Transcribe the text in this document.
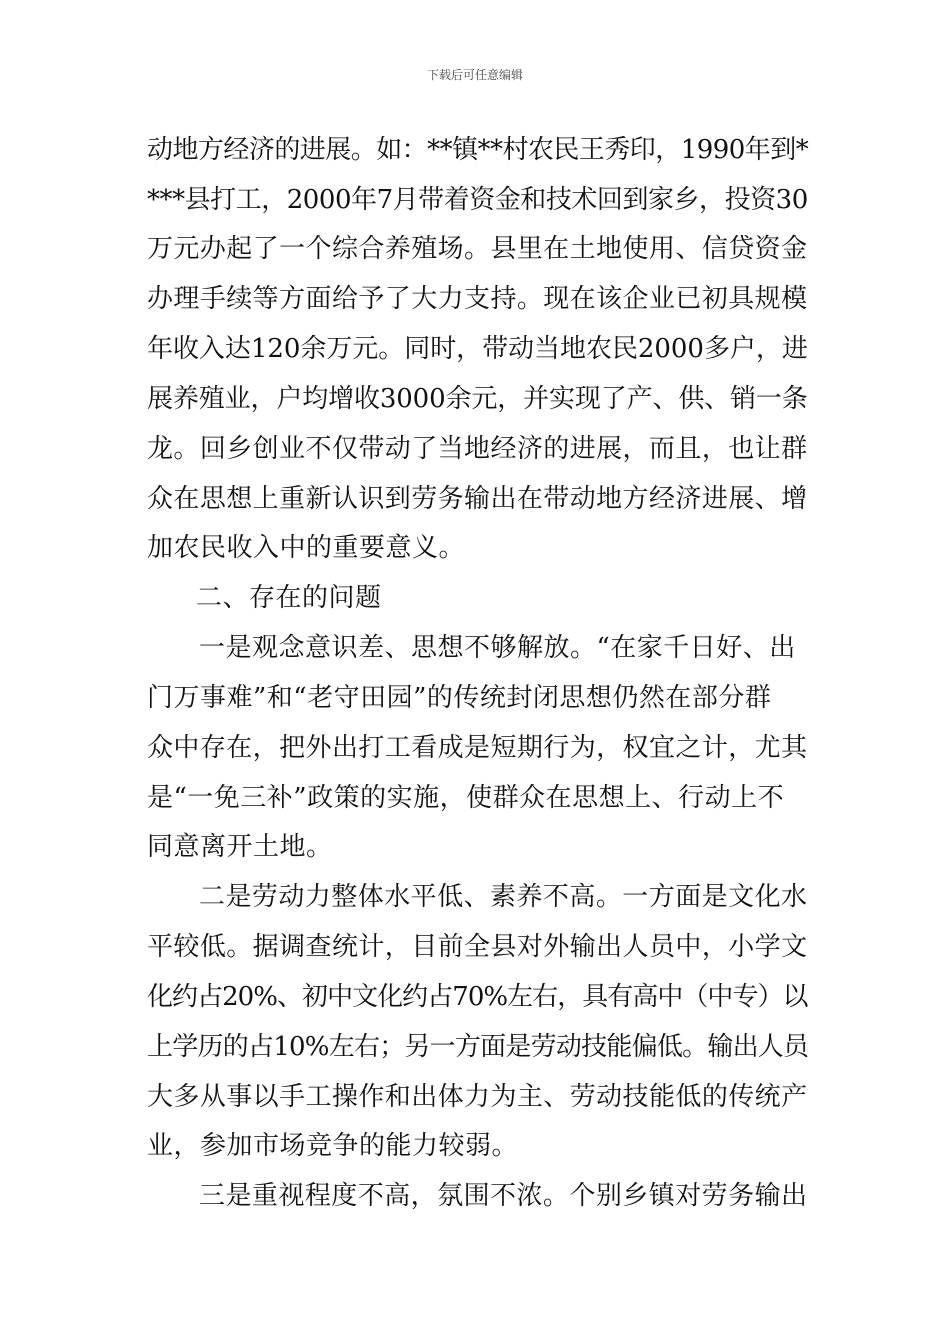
下载后可任意编辑
动地方经济的进展。如：**镇**村农民王秀印，1990年到*
***县打工，2000年7月带着资金和技术回到家乡，投资30
万元办起了一个综合养殖场。县里在土地使用、信贷资金
办理手续等方面给予了大力支持。现在该企业已初具规模
年收入达120余万元。同时，带动当地农民2000多户，进
展养殖业，户均增收3000余元，并实现了产、供、销一条
龙。回乡创业不仅带动了当地经济的进展，而且，也让群
众在思想上重新认识到劳务输出在带动地方经济进展、增
加农民收入中的重要意义。
二、存在的问题
一是观念意识差、思想不够解放。“在家千日好、出
门万事难”和“老守田园”的传统封闭思想仍然在部分群
众中存在，把外出打工看成是短期行为，权宜之计，尤其
是“一免三补”政策的实施，使群众在思想上、行动上不
同意离开土地。
二是劳动力整体水平低、素养不高。一方面是文化水
平较低。据调查统计，目前全县对外输出人员中，小学文
化约占20%、初中文化约占70%左右，具有高中（中专）以
上学历的占10%左右；另一方面是劳动技能偏低。输出人员
大多从事以手工操作和出体力为主、劳动技能低的传统产
业，参加市场竞争的能力较弱。
三是重视程度不高，氛围不浓。个别乡镇对劳务输出
